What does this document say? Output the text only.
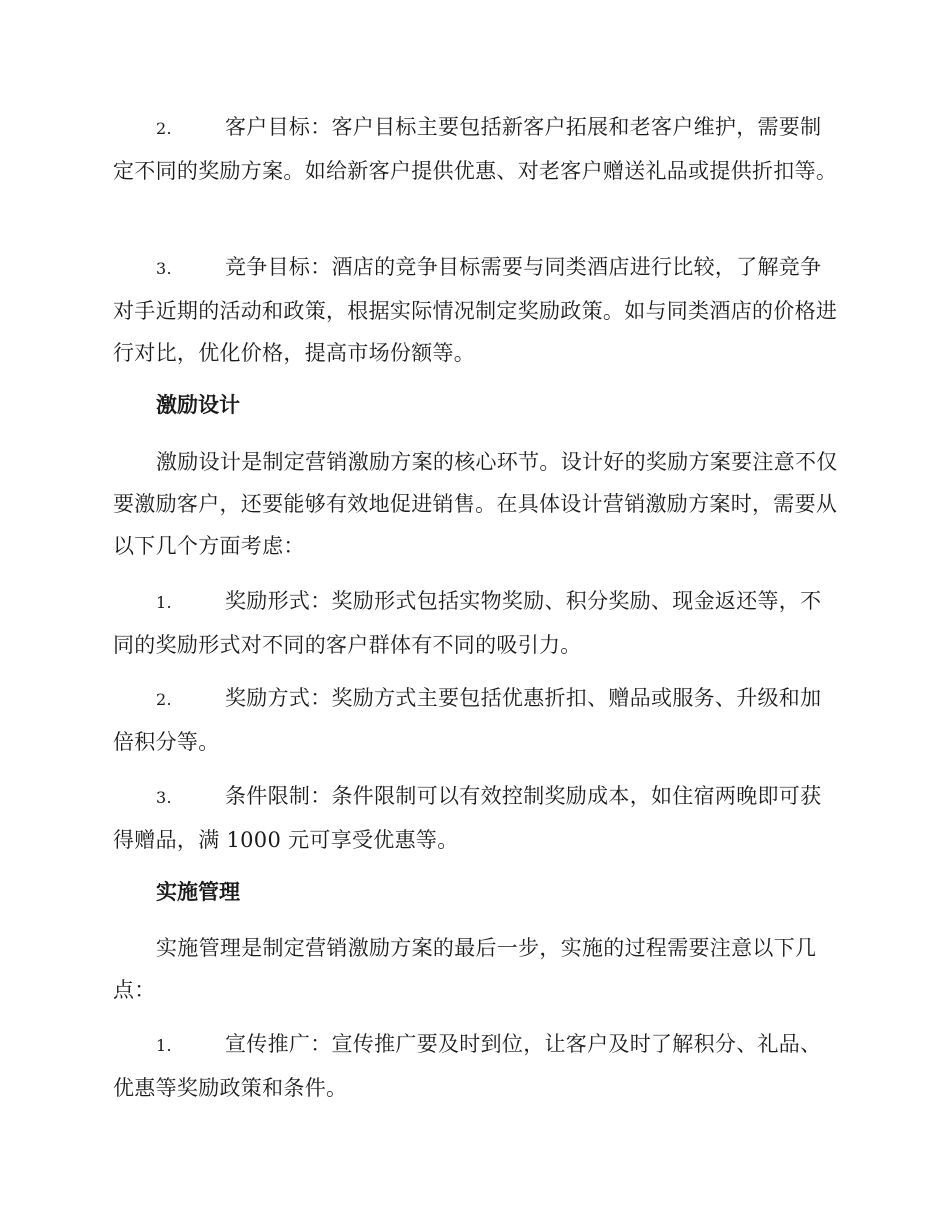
2.	客户目标：客户目标主要包括新客户拓展和老客户维护，需要制定不同的奖励方案。如给新客户提供优惠、对老客户赠送礼品或提供折扣等。

3.	竞争目标：酒店的竞争目标需要与同类酒店进行比较，了解竞争对手近期的活动和政策，根据实际情况制定奖励政策。如与同类酒店的价格进行对比，优化价格，提高市场份额等。

激励设计

激励设计是制定营销激励方案的核心环节。设计好的奖励方案要注意不仅要激励客户，还要能够有效地促进销售。在具体设计营销激励方案时，需要从以下几个方面考虑：

1.	奖励形式：奖励形式包括实物奖励、积分奖励、现金返还等，不同的奖励形式对不同的客户群体有不同的吸引力。

2.	奖励方式：奖励方式主要包括优惠折扣、赠品或服务、升级和加倍积分等。

3.	条件限制：条件限制可以有效控制奖励成本，如住宿两晚即可获得赠品，满 1000 元可享受优惠等。

实施管理

实施管理是制定营销激励方案的最后一步，实施的过程需要注意以下几点：

1.	宣传推广：宣传推广要及时到位，让客户及时了解积分、礼品、优惠等奖励政策和条件。
